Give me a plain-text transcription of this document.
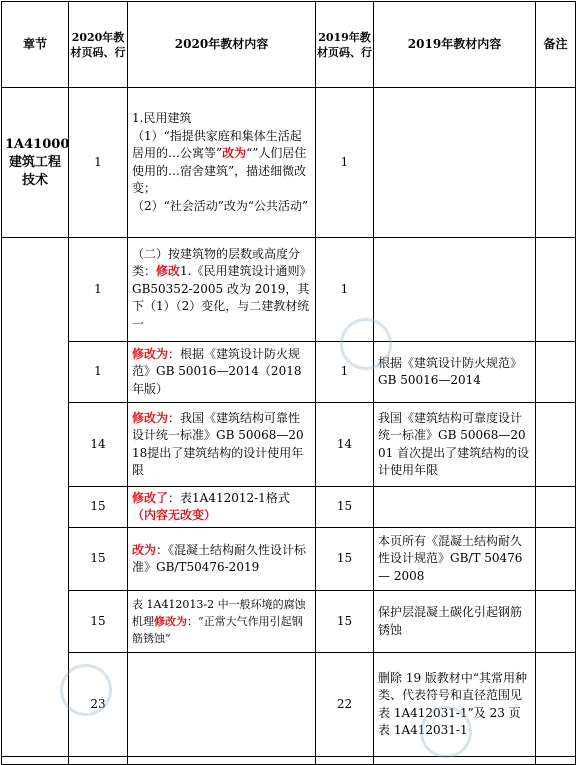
章节	2020年教材页码、行	2020年教材内容	2019年教材页码、行	2019年教材内容	备注
1A41000建筑工程技术	1	1.民用建筑
（1）“指提供家庭和集体生活起居用的…公寓等”改为“”人们居住使用的…宿舍建筑”，描述细微改变；
（2）“社会活动”改为“公共活动”	1	

	1	（二）按建筑物的层数或高度分类：修改1.《民用建筑设计通则》GB50352-2005 改为 2019，其下（1）（2）变化，与二建教材统一	1	

	1	修改为：根据《建筑设计防火规范》GB 50016—2014（2018年版）	1	根据《建筑设计防火规范》GB 50016—2014	

	14	修改为：我国《建筑结构可靠性设计统一标准》GB 50068—2018提出了建筑结构的设计使用年限	14	我国《建筑结构可靠度设计统一标准》GB 50068—2001 首次提出了建筑结构的设计使用年限	

	15	修改了：表1A412012-1格式（内容无改变）	15	

	15	改为：《混凝土结构耐久性设计标准》GB/T50476-2019	15	本页所有《混凝土结构耐久性设计规范》GB/T 50476— 2008	

	15	表 1A412013-2 中一般环境的腐蚀机理修改为：“正常大气作用引起钢筋锈蚀”	15	保护层混凝土碳化引起钢筋锈蚀	

	23		22	删除 19 版教材中“其常用种类、代表符号和直径范围见表 1A412031-1”及 23 页表 1A412031-1	
